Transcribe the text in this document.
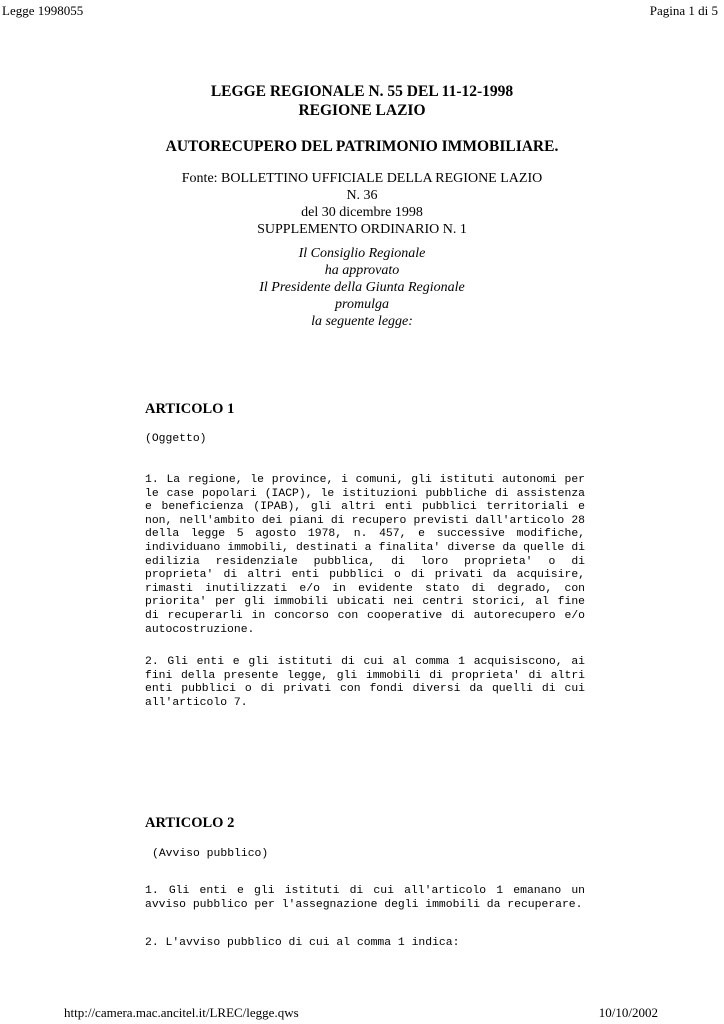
Legge 1998055	Pagina 1 di 5
LEGGE REGIONALE N. 55 DEL 11-12-1998
REGIONE LAZIO
AUTORECUPERO DEL PATRIMONIO IMMOBILIARE.
Fonte: BOLLETTINO UFFICIALE DELLA REGIONE LAZIO
N. 36
del 30 dicembre 1998
SUPPLEMENTO ORDINARIO N. 1
Il Consiglio Regionale
ha approvato
Il Presidente della Giunta Regionale
promulga
la seguente legge:
ARTICOLO 1
(Oggetto)
1. La regione, le province, i comuni, gli istituti autonomi per le case popolari (IACP), le istituzioni pubbliche di assistenza e beneficienza (IPAB), gli altri enti pubblici territoriali e non, nell'ambito dei piani di recupero previsti dall'articolo 28 della legge 5 agosto 1978, n. 457, e successive modifiche, individuano immobili, destinati a finalita' diverse da quelle di edilizia residenziale pubblica, di loro proprieta' o di proprieta' di altri enti pubblici o di privati da acquisire, rimasti inutilizzati e/o in evidente stato di degrado, con priorita' per gli immobili ubicati nei centri storici, al fine di recuperarli in concorso con cooperative di autorecupero e/o autocostruzione.
2. Gli enti e gli istituti di cui al comma 1 acquisiscono, ai fini della presente legge, gli immobili di proprieta' di altri enti pubblici o di privati con fondi diversi da quelli di cui all'articolo 7.
ARTICOLO 2
(Avviso pubblico)
1. Gli enti e gli istituti di cui all'articolo 1 emanano un avviso pubblico per l'assegnazione degli immobili da recuperare.
2. L'avviso pubblico di cui al comma 1 indica:
http://camera.mac.ancitel.it/LREC/legge.qws	10/10/2002
